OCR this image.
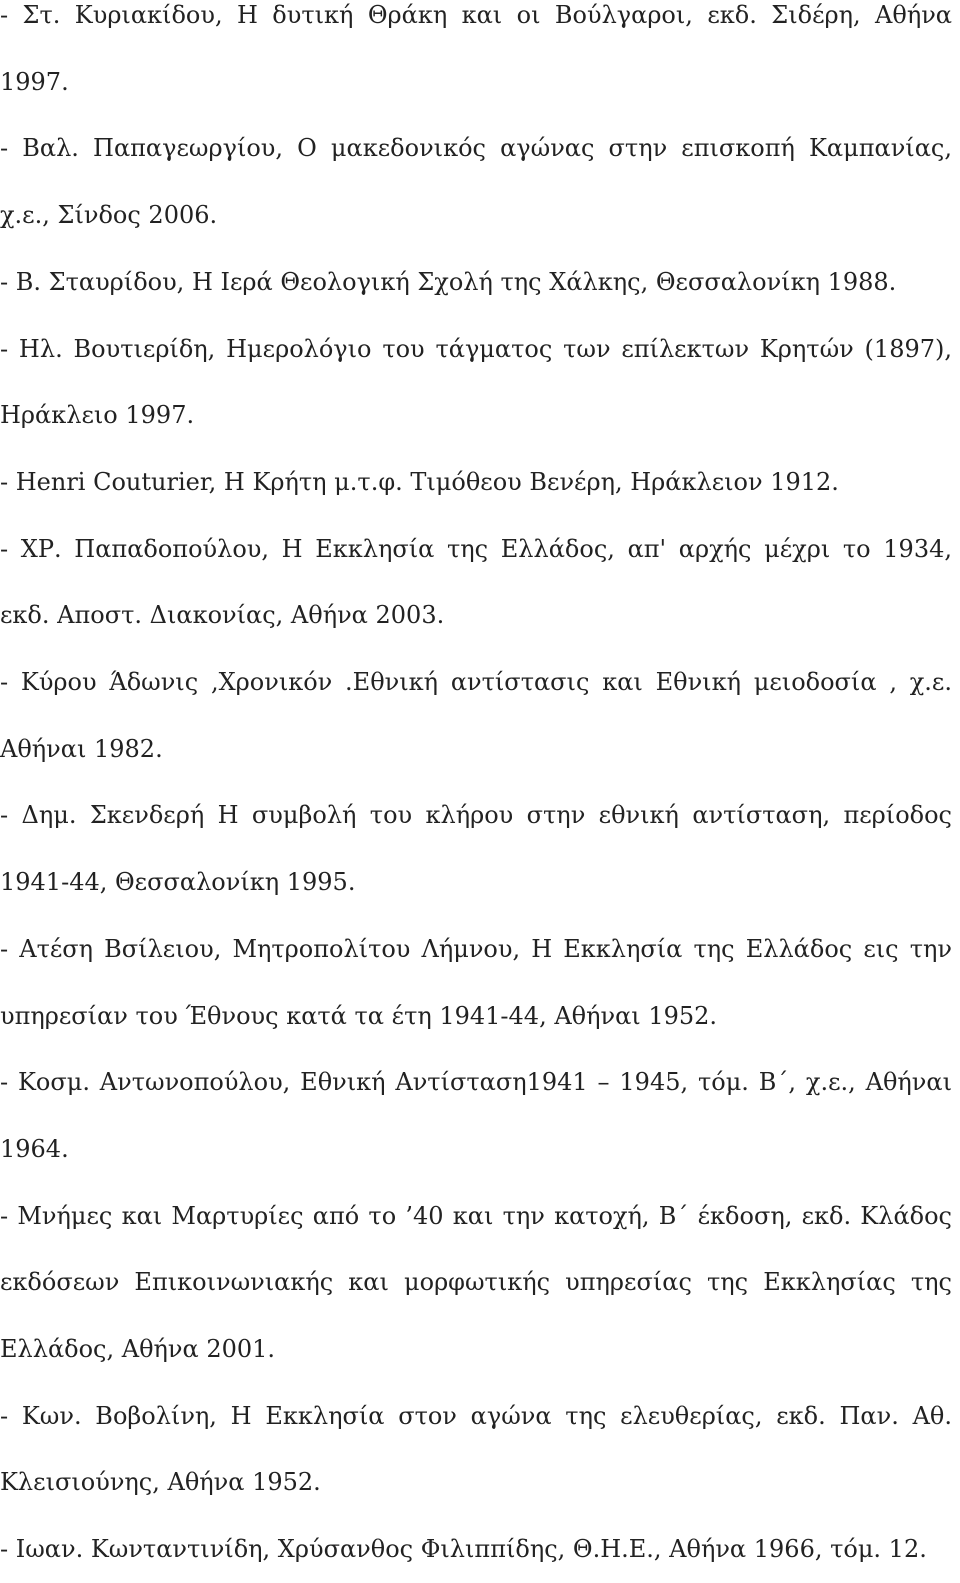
- Στ. Κυριακίδου, Η δυτική Θράκη και οι Βούλγαροι, εκδ. Σιδέρη, Αθήνα 1997.
- Βαλ. Παπαγεωργίου, Ο μακεδονικός αγώνας στην επισκοπή Καμπανίας, χ.ε., Σίνδος 2006.
- Β. Σταυρίδου, Η Ιερά Θεολογική Σχολή της Χάλκης, Θεσσαλονίκη 1988.
- Ηλ. Βουτιερίδη, Ημερολόγιο του τάγματος των επίλεκτων Κρητών (1897), Ηράκλειο 1997.
- Henri Couturier, Η Κρήτη μ.τ.φ. Τιμόθεου Βενέρη, Ηράκλειον 1912.
- ΧΡ. Παπαδοπούλου, Η Εκκλησία της Ελλάδος, απ' αρχής μέχρι το 1934, εκδ. Αποστ. Διακονίας, Αθήνα 2003.
- Κύρου Άδωνις ,Χρονικόν .Εθνική αντίστασις και Εθνική μειοδοσία , χ.ε. Αθήναι 1982.
- Δημ. Σκενδερή Η συμβολή του κλήρου στην εθνική αντίσταση, περίοδος 1941-44, Θεσσαλονίκη 1995.
- Ατέση Βσίλειου, Μητροπολίτου Λήμνου, Η Εκκλησία της Ελλάδος εις την υπηρεσίαν του Έθνους κατά τα έτη 1941-44, Αθήναι 1952.
- Κοσμ. Αντωνοπούλου, Εθνική Αντίσταση1941 – 1945, τόμ. Β΄, χ.ε., Αθήναι 1964.
- Μνήμες και Μαρτυρίες από το ’40 και την κατοχή, Β΄ έκδοση, εκδ. Κλάδος εκδόσεων Επικοινωνιακής και μορφωτικής υπηρεσίας της Εκκλησίας της Ελλάδος, Αθήνα 2001.
- Κων. Βοβολίνη, Η Εκκλησία στον αγώνα της ελευθερίας, εκδ. Παν. Αθ. Κλεισιούνης, Αθήνα 1952.
- Ιωαν. Κωνταντινίδη, Χρύσανθος Φιλιππίδης, Θ.Η.Ε., Αθήνα 1966, τόμ. 12.
